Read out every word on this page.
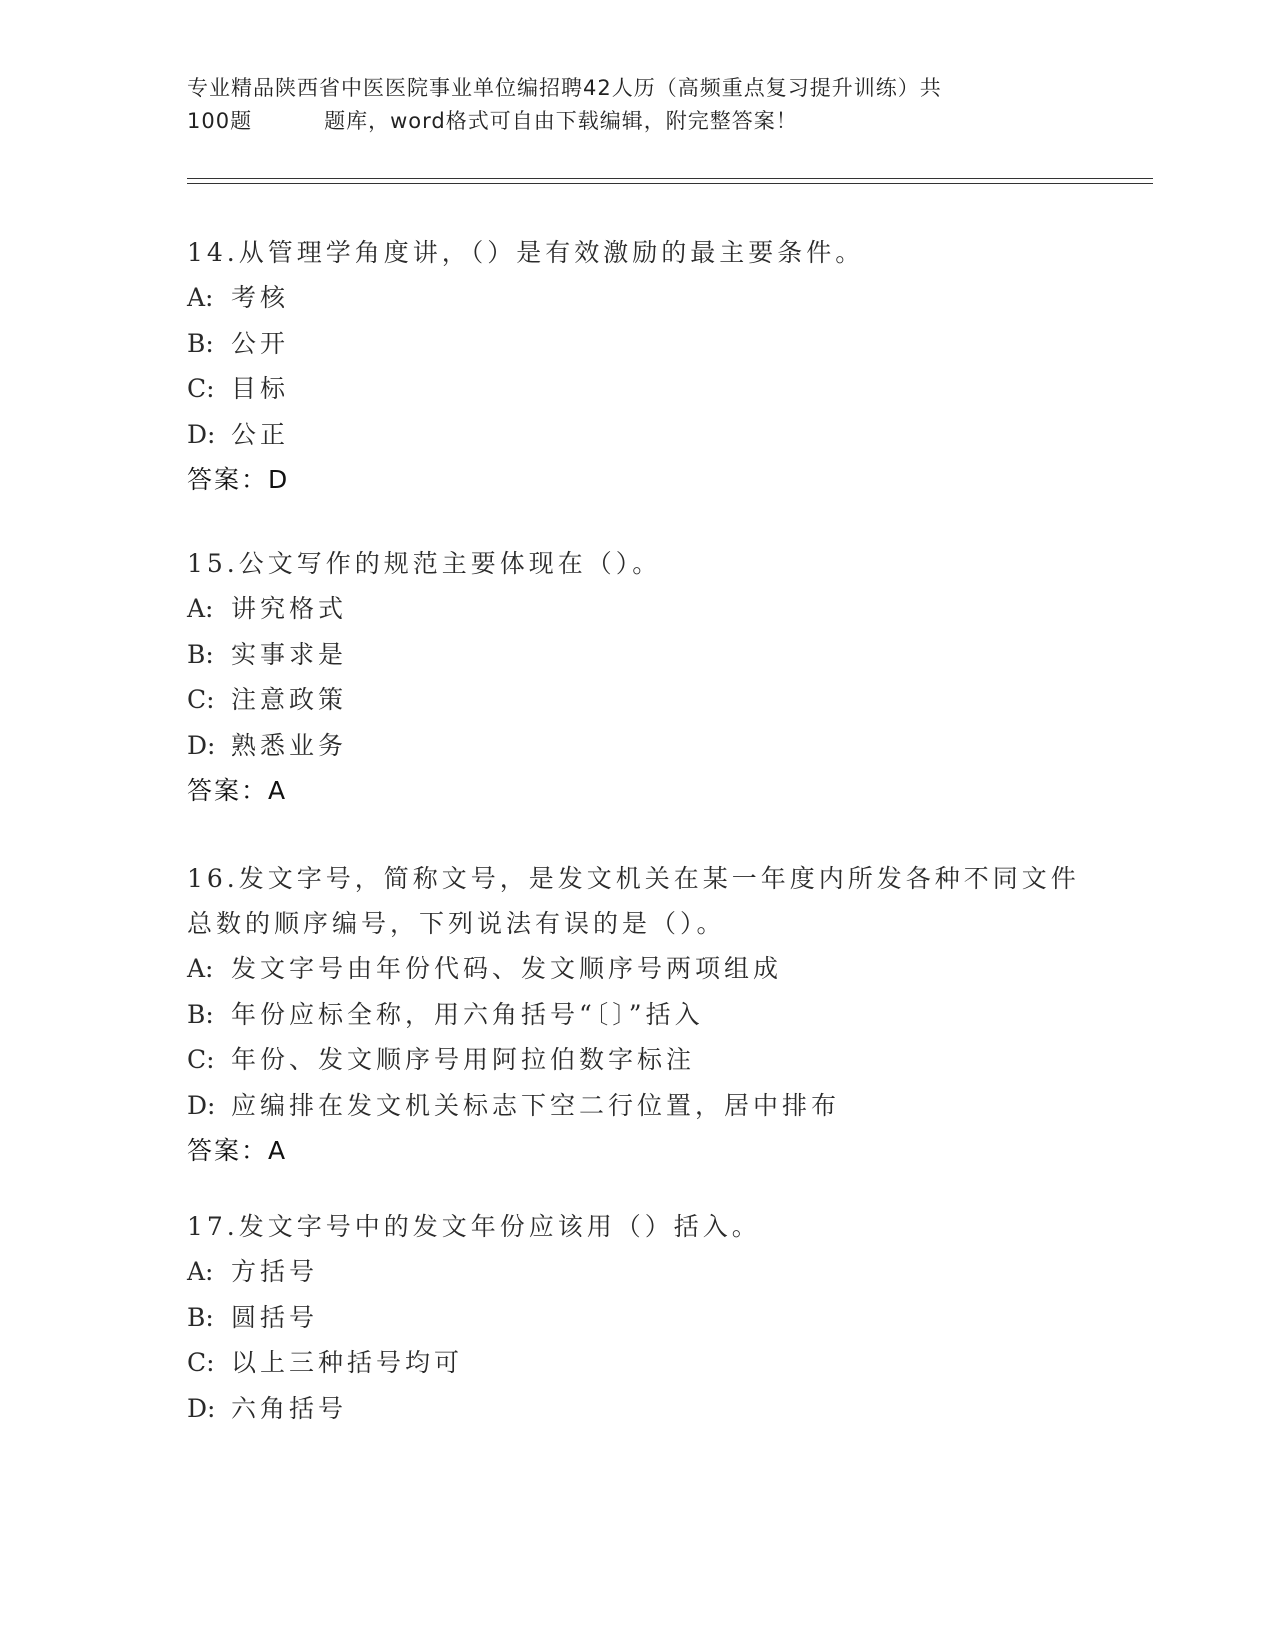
专业精品陕西省中医医院事业单位编招聘42人历（高频重点复习提升训练）共
100题	题库，word格式可自由下载编辑，附完整答案！

14.从管理学角度讲，（）是有效激励的最主要条件。

A: 考核
B: 公开
C: 目标
D: 公正
答案：D

15.公文写作的规范主要体现在（）。

A: 讲究格式
B: 实事求是
C: 注意政策
D: 熟悉业务
答案：A

16.发文字号，简称文号，是发文机关在某一年度内所发各种不同文件

总数的顺序编号，下列说法有误的是（）。

A: 发文字号由年份代码、发文顺序号两项组成
B: 年份应标全称，用六角括号“〔〕”括入
C: 年份、发文顺序号用阿拉伯数字标注
D: 应编排在发文机关标志下空二行位置，居中排布
答案：A

17.发文字号中的发文年份应该用（）括入。

A: 方括号
B: 圆括号
C: 以上三种括号均可
D: 六角括号
